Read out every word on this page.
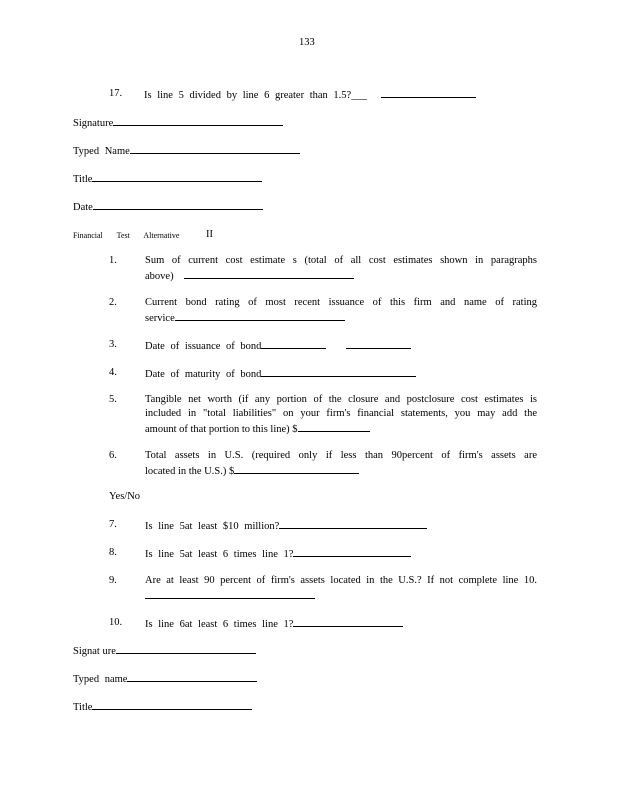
133
17. Is line 5 divided by line 6 greater than 1.5?___
Signature
Typed Name
Title
Date
Financial Test Alternative	II
1.	Sum of current cost estimate s (total of all cost estimates shown in paragraphs
above)
2.	Current bond rating of most recent issuance of this firm and name of rating
service
3.	Date of issuance of bond
4.	Date of maturity of bond
5.	Tangible net worth (if any portion of the closure and postclosure cost estimates is
included in "total liabilities" on your firm's financial statements, you may add the
amount of that portion to this line) $
6.	Total assets in U.S. (required only if less than 90percent of firm's assets are
located in the U.S.) $
Yes/No
7.	Is line 5at least $10 million?
8.	Is line 5at least 6 times line 1?
9.	Are at least 90 percent of firm's assets located in the U.S.? If not complete line 10.
10. Is line 6at least 6 times line 1?
Signat ure
Typed name
Title
